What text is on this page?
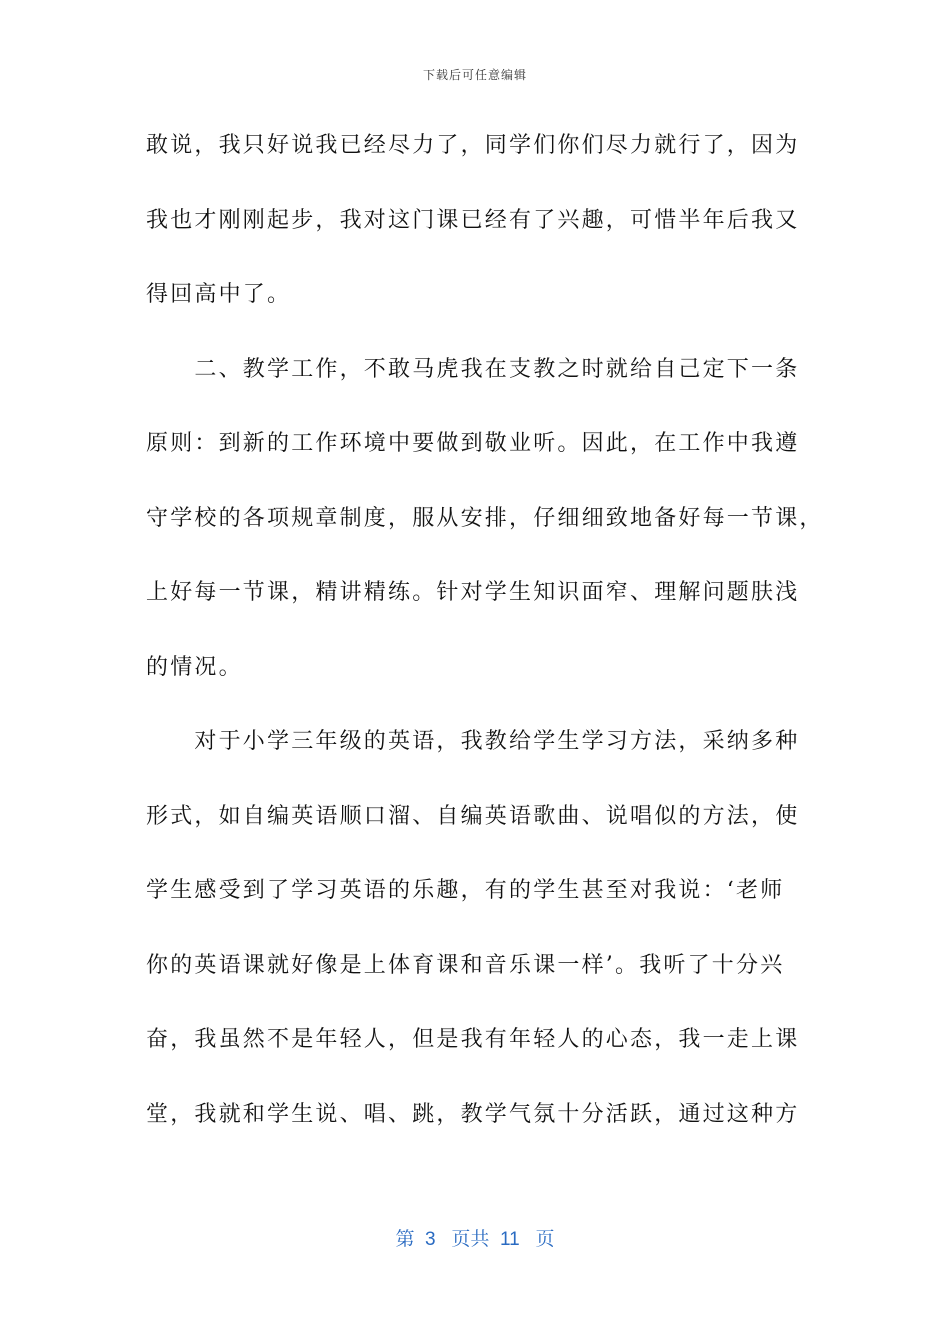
下载后可任意编辑
敢说，我只好说我已经尽力了，同学们你们尽力就行了，因为
我也才刚刚起步，我对这门课已经有了兴趣，可惜半年后我又
得回高中了。
　　二、教学工作，不敢马虎我在支教之时就给自己定下一条
原则：到新的工作环境中要做到敬业听。因此，在工作中我遵
守学校的各项规章制度，服从安排，仔细细致地备好每一节课，
上好每一节课，精讲精练。针对学生知识面窄、理解问题肤浅
的情况。
　　对于小学三年级的英语，我教给学生学习方法，采纳多种
形式，如自编英语顺口溜、自编英语歌曲、说唱似的方法，使
学生感受到了学习英语的乐趣，有的学生甚至对我说：‘老师
你的英语课就好像是上体育课和音乐课一样’。我听了十分兴
奋，我虽然不是年轻人，但是我有年轻人的心态，我一走上课
堂，我就和学生说、唱、跳，教学气氛十分活跃，通过这种方
第  3   页共  11   页
